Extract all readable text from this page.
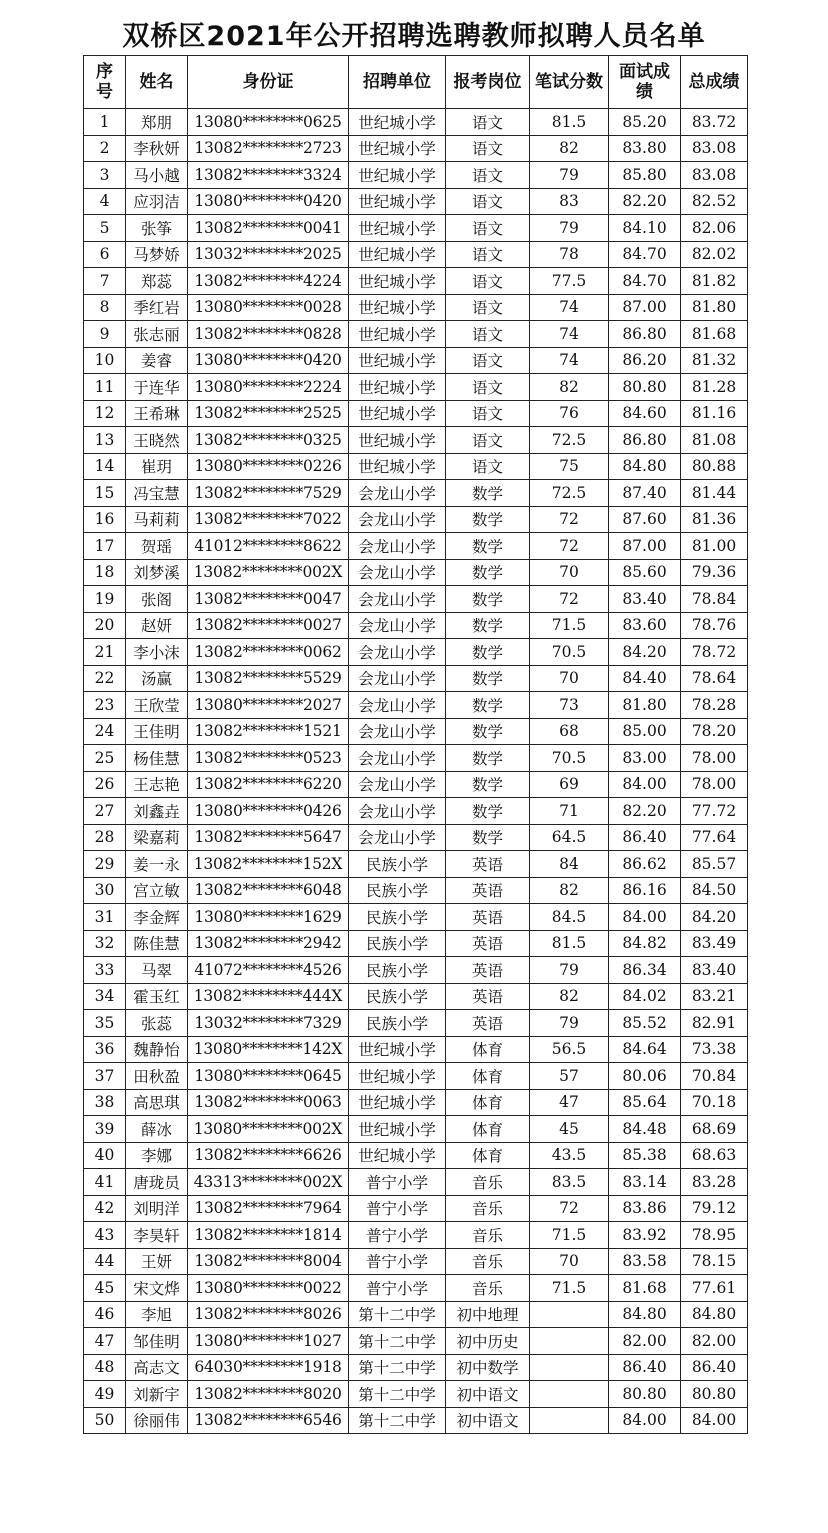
双桥区2021年公开招聘选聘教师拟聘人员名单
序号	姓名	身份证	招聘单位	报考岗位	笔试分数	面试成绩	总成绩
1	郑朋	13080********0625	世纪城小学	语文	81.5	85.20	83.72
2	李秋妍	13082********2723	世纪城小学	语文	82	83.80	83.08
3	马小越	13082********3324	世纪城小学	语文	79	85.80	83.08
4	应羽洁	13080********0420	世纪城小学	语文	83	82.20	82.52
5	张筝	13082********0041	世纪城小学	语文	79	84.10	82.06
6	马梦娇	13032********2025	世纪城小学	语文	78	84.70	82.02
7	郑蕊	13082********4224	世纪城小学	语文	77.5	84.70	81.82
8	季红岩	13080********0028	世纪城小学	语文	74	87.00	81.80
9	张志丽	13082********0828	世纪城小学	语文	74	86.80	81.68
10	姜睿	13080********0420	世纪城小学	语文	74	86.20	81.32
11	于连华	13080********2224	世纪城小学	语文	82	80.80	81.28
12	王希琳	13082********2525	世纪城小学	语文	76	84.60	81.16
13	王晓然	13082********0325	世纪城小学	语文	72.5	86.80	81.08
14	崔玥	13080********0226	世纪城小学	语文	75	84.80	80.88
15	冯宝慧	13082********7529	会龙山小学	数学	72.5	87.40	81.44
16	马莉莉	13082********7022	会龙山小学	数学	72	87.60	81.36
17	贺瑶	41012********8622	会龙山小学	数学	72	87.00	81.00
18	刘梦溪	13082********002X	会龙山小学	数学	70	85.60	79.36
19	张阁	13082********0047	会龙山小学	数学	72	83.40	78.84
20	赵妍	13082********0027	会龙山小学	数学	71.5	83.60	78.76
21	李小沫	13082********0062	会龙山小学	数学	70.5	84.20	78.72
22	汤赢	13082********5529	会龙山小学	数学	70	84.40	78.64
23	王欣莹	13080********2027	会龙山小学	数学	73	81.80	78.28
24	王佳明	13082********1521	会龙山小学	数学	68	85.00	78.20
25	杨佳慧	13082********0523	会龙山小学	数学	70.5	83.00	78.00
26	王志艳	13082********6220	会龙山小学	数学	69	84.00	78.00
27	刘鑫垚	13080********0426	会龙山小学	数学	71	82.20	77.72
28	梁嘉莉	13082********5647	会龙山小学	数学	64.5	86.40	77.64
29	姜一永	13082********152X	民族小学	英语	84	86.62	85.57
30	宫立敏	13082********6048	民族小学	英语	82	86.16	84.50
31	李金辉	13080********1629	民族小学	英语	84.5	84.00	84.20
32	陈佳慧	13082********2942	民族小学	英语	81.5	84.82	83.49
33	马翠	41072********4526	民族小学	英语	79	86.34	83.40
34	霍玉红	13082********444X	民族小学	英语	82	84.02	83.21
35	张蕊	13032********7329	民族小学	英语	79	85.52	82.91
36	魏静怡	13080********142X	世纪城小学	体育	56.5	84.64	73.38
37	田秋盈	13080********0645	世纪城小学	体育	57	80.06	70.84
38	高思琪	13082********0063	世纪城小学	体育	47	85.64	70.18
39	薛冰	13080********002X	世纪城小学	体育	45	84.48	68.69
40	李娜	13082********6626	世纪城小学	体育	43.5	85.38	68.63
41	唐珑员	43313********002X	普宁小学	音乐	83.5	83.14	83.28
42	刘明洋	13082********7964	普宁小学	音乐	72	83.86	79.12
43	李昊轩	13082********1814	普宁小学	音乐	71.5	83.92	78.95
44	王妍	13082********8004	普宁小学	音乐	70	83.58	78.15
45	宋文烨	13080********0022	普宁小学	音乐	71.5	81.68	77.61
46	李旭	13082********8026	第十二中学	初中地理		84.80	84.80
47	邹佳明	13080********1027	第十二中学	初中历史		82.00	82.00
48	高志文	64030********1918	第十二中学	初中数学		86.40	86.40
49	刘新宇	13082********8020	第十二中学	初中语文		80.80	80.80
50	徐丽伟	13082********6546	第十二中学	初中语文		84.00	84.00
